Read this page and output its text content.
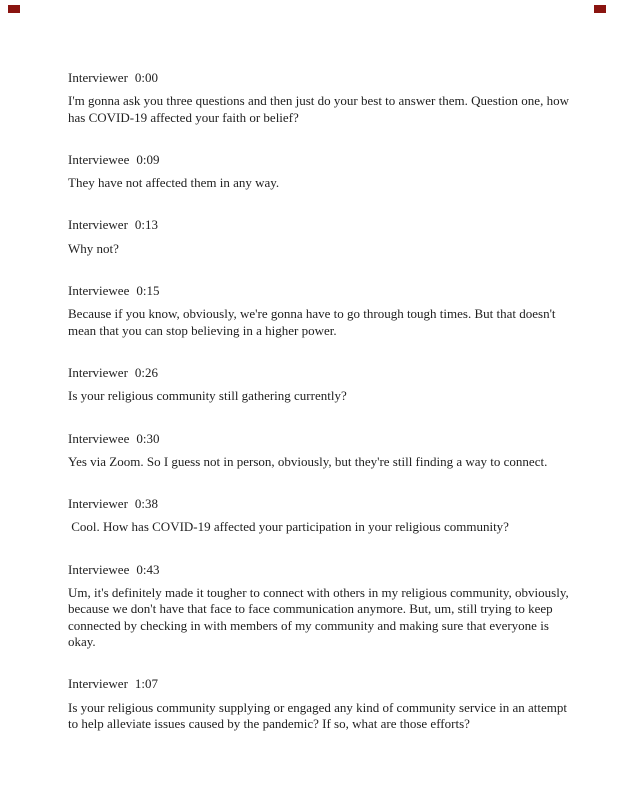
Interviewer 0:00
I'm gonna ask you three questions and then just do your best to answer them. Question one, how
has COVID-19 affected your faith or belief?
Interviewee 0:09
They have not affected them in any way.
Interviewer 0:13
Why not?
Interviewee 0:15
Because if you know, obviously, we're gonna have to go through tough times. But that doesn't
mean that you can stop believing in a higher power.
Interviewer 0:26
Is your religious community still gathering currently?
Interviewee 0:30
Yes via Zoom. So I guess not in person, obviously, but they're still finding a way to connect.
Interviewer 0:38
Cool. How has COVID-19 affected your participation in your religious community?
Interviewee 0:43
Um, it's definitely made it tougher to connect with others in my religious community, obviously,
because we don't have that face to face communication anymore. But, um, still trying to keep
connected by checking in with members of my community and making sure that everyone is
okay.
Interviewer 1:07
Is your religious community supplying or engaged any kind of community service in an attempt
to help alleviate issues caused by the pandemic? If so, what are those efforts?
